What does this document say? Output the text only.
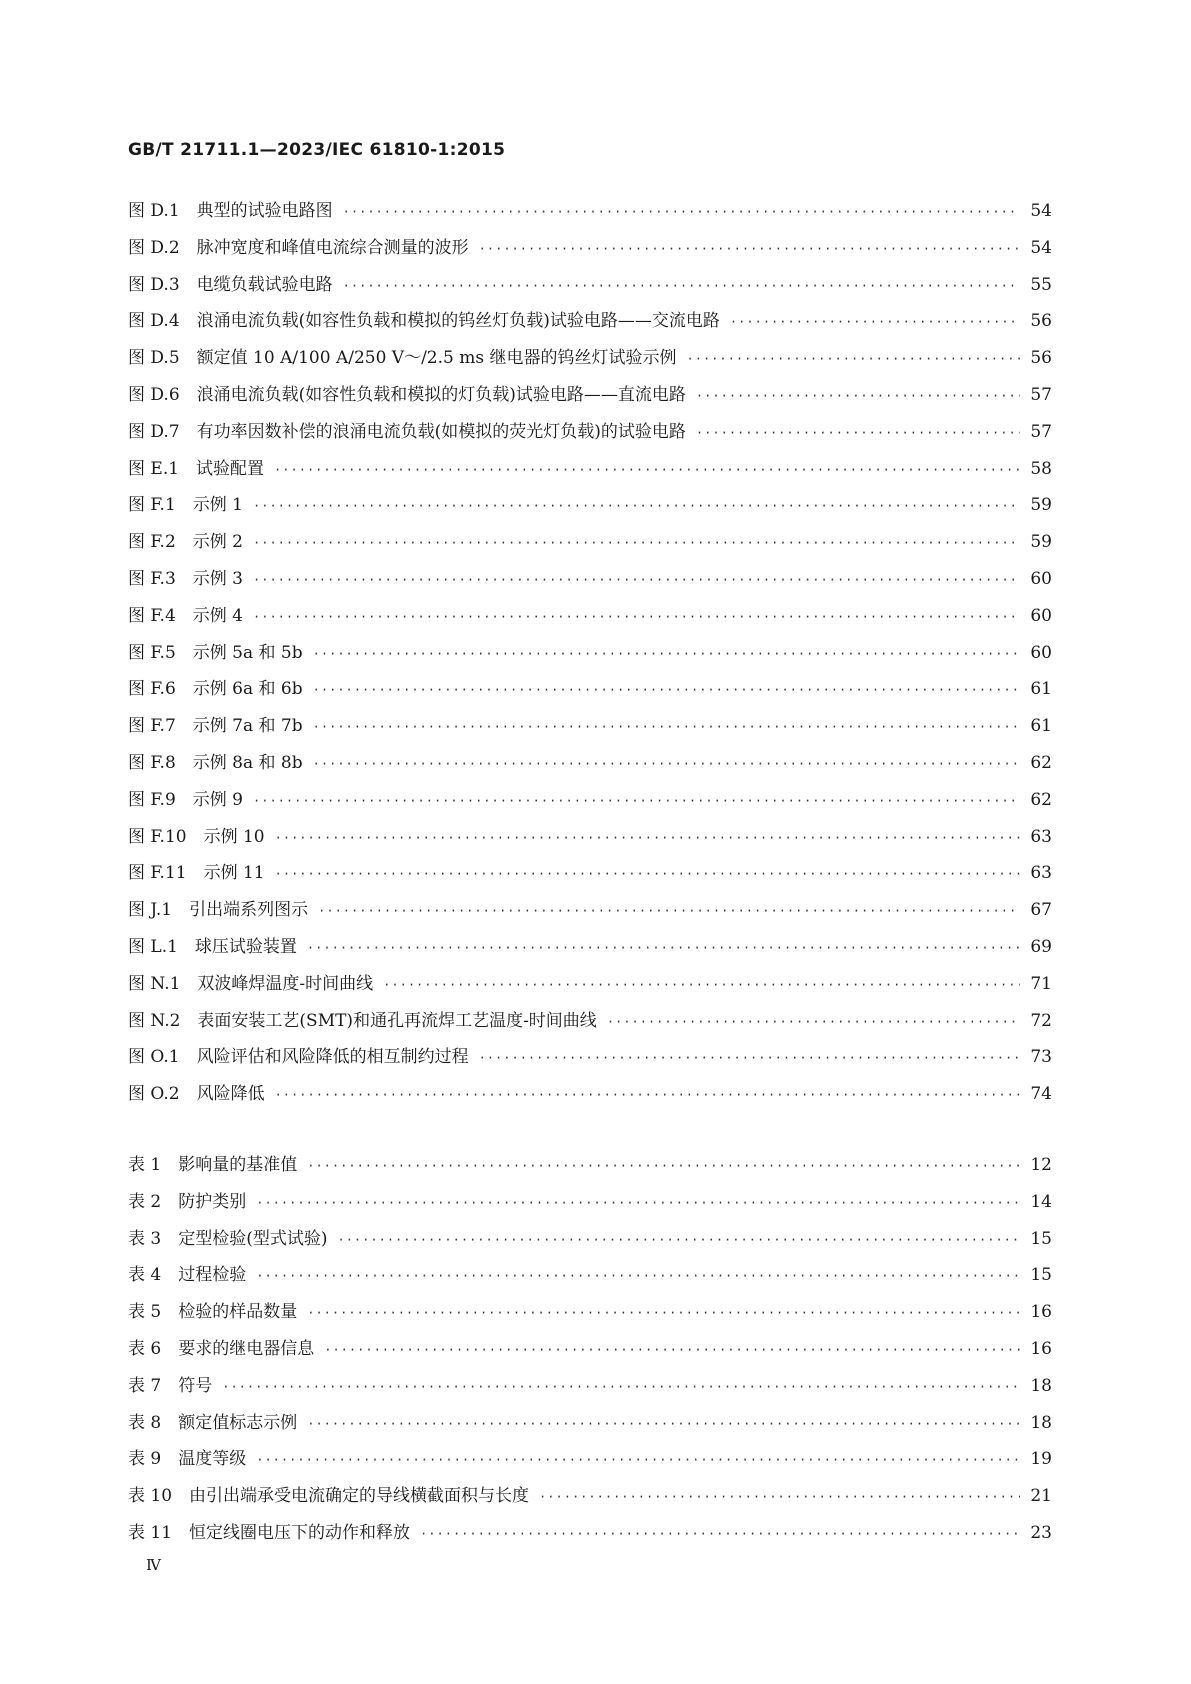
GB/T 21711.1—2023/IEC 61810-1:2015
图 D.1　典型的试验电路图 ·····	54
图 D.2　脉冲宽度和峰值电流综合测量的波形 ·····	54
图 D.3　电缆负载试验电路 ·····	55
图 D.4　浪涌电流负载(如容性负载和模拟的钨丝灯负载)试验电路——交流电路 ·····	56
图 D.5　额定值 10 A/100 A/250 V～/2.5 ms 继电器的钨丝灯试验示例 ·····	56
图 D.6　浪涌电流负载(如容性负载和模拟的灯负载)试验电路——直流电路 ·····	57
图 D.7　有功率因数补偿的浪涌电流负载(如模拟的荧光灯负载)的试验电路 ·····	57
图 E.1　试验配置 ·····	58
图 F.1　示例 1 ·····	59
图 F.2　示例 2 ·····	59
图 F.3　示例 3 ·····	60
图 F.4　示例 4 ·····	60
图 F.5　示例 5a 和 5b ·····	60
图 F.6　示例 6a 和 6b ·····	61
图 F.7　示例 7a 和 7b ·····	61
图 F.8　示例 8a 和 8b ·····	62
图 F.9　示例 9 ·····	62
图 F.10　示例 10 ·····	63
图 F.11　示例 11 ·····	63
图 J.1　引出端系列图示 ·····	67
图 L.1　球压试验装置 ·····	69
图 N.1　双波峰焊温度-时间曲线 ·····	71
图 N.2　表面安装工艺(SMT)和通孔再流焊工艺温度-时间曲线 ·····	72
图 O.1　风险评估和风险降低的相互制约过程 ·····	73
图 O.2　风险降低 ·····	74
表 1　影响量的基准值 ·····	12
表 2　防护类别 ·····	14
表 3　定型检验(型式试验) ·····	15
表 4　过程检验 ·····	15
表 5　检验的样品数量 ·····	16
表 6　要求的继电器信息 ·····	16
表 7　符号 ·····	18
表 8　额定值标志示例 ·····	18
表 9　温度等级 ·····	19
表 10　由引出端承受电流确定的导线横截面积与长度 ·····	21
表 11　恒定线圈电压下的动作和释放 ·····	23
Ⅳ
